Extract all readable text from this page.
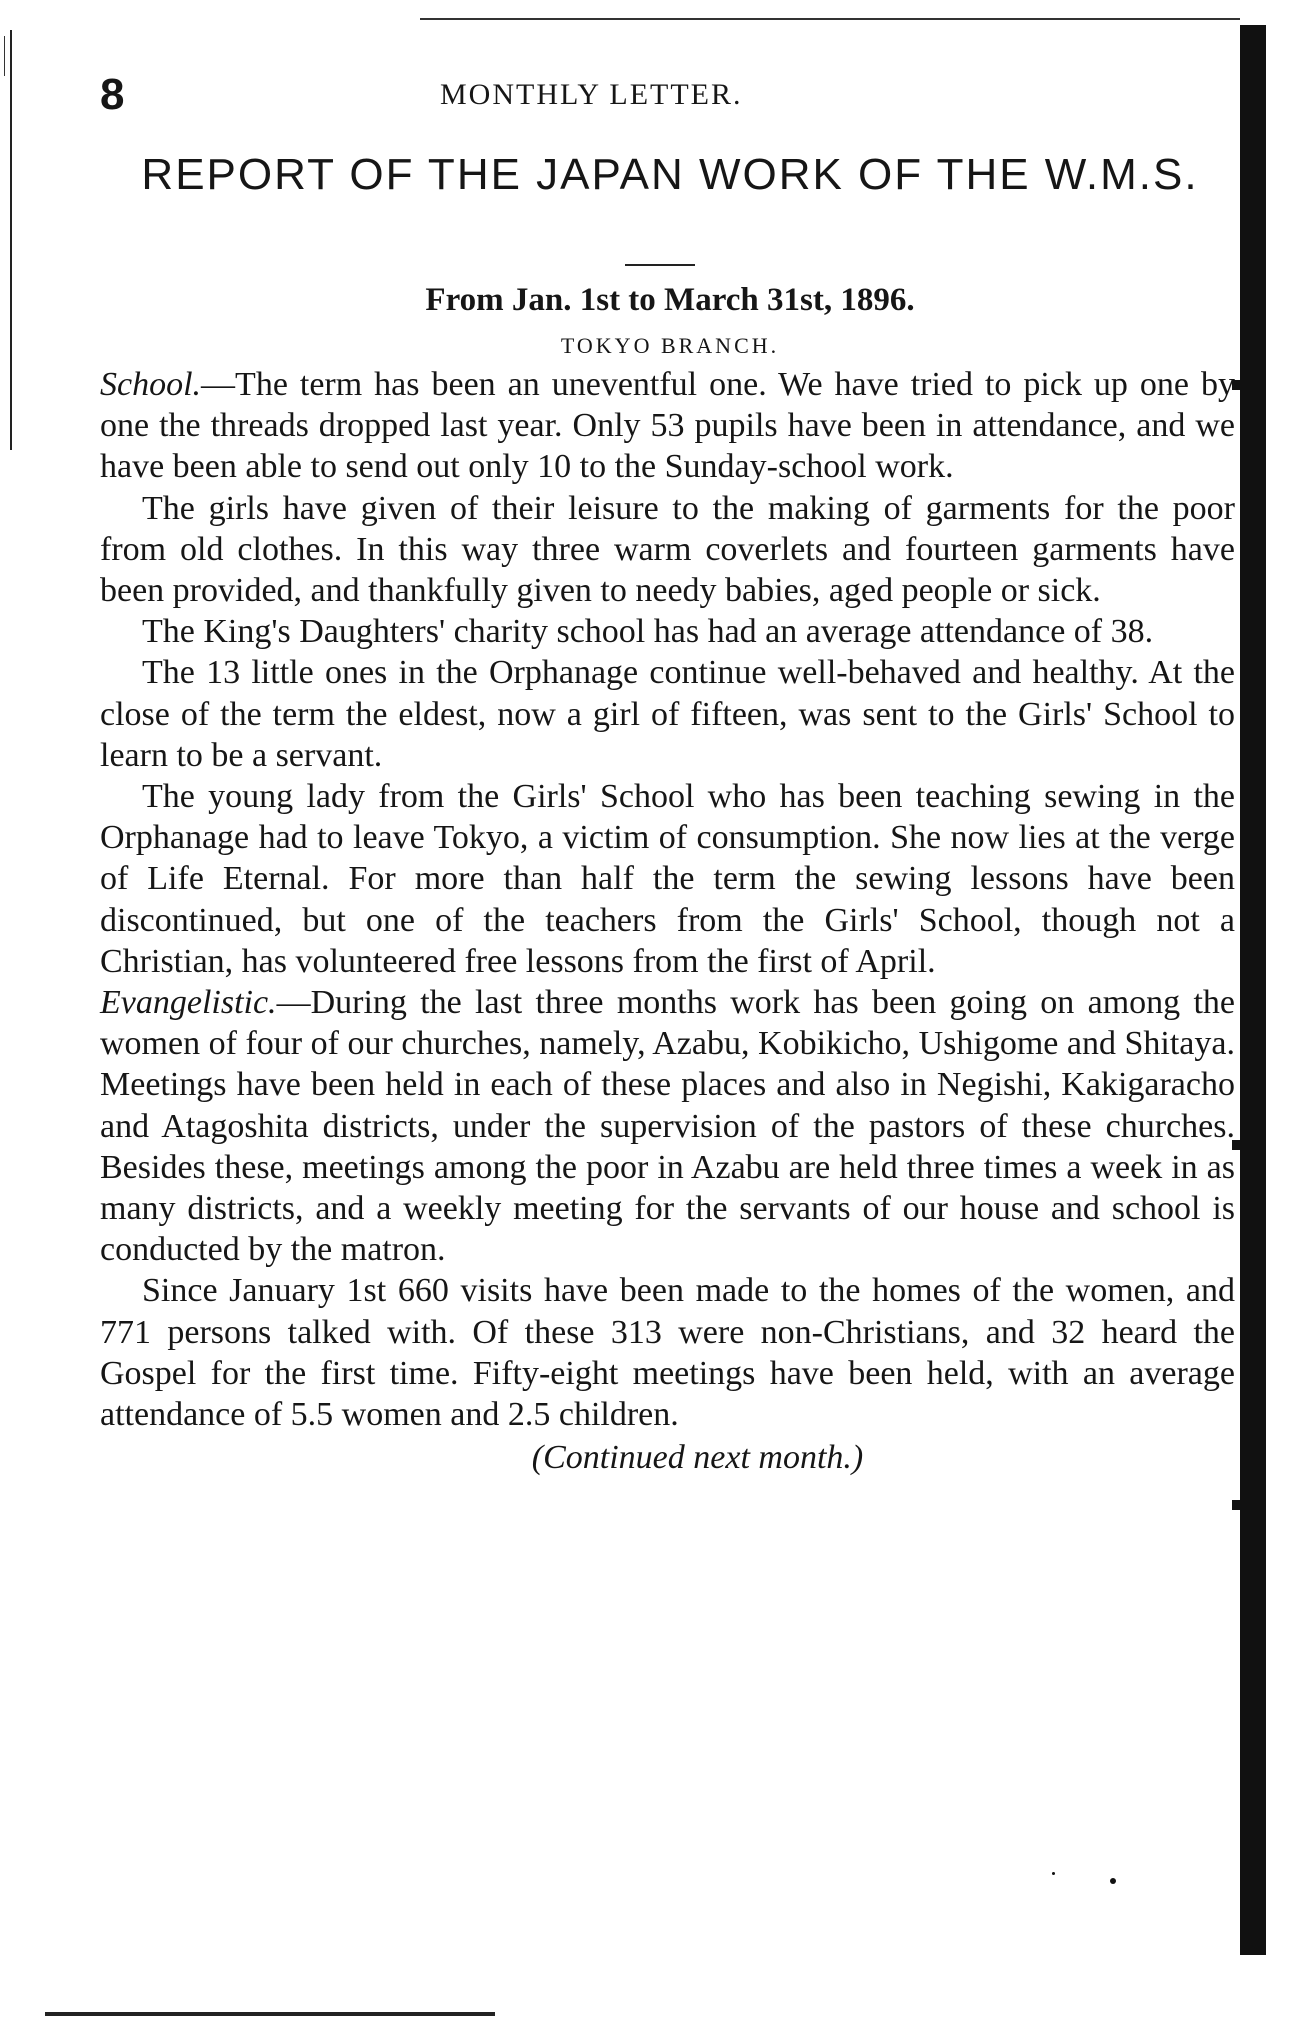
8	MONTHLY LETTER.
REPORT OF THE JAPAN WORK OF THE W.M.S.
From Jan. 1st to March 31st, 1896.
TOKYO BRANCH.

School.—The term has been an uneventful one. We have tried to pick up one by one the threads dropped last year. Only 53 pupils have been in attendance, and we have been able to send out only 10 to the Sunday-school work.

The girls have given of their leisure to the making of garments for the poor from old clothes. In this way three warm coverlets and fourteen garments have been provided, and thankfully given to needy babies, aged people or sick.

The King's Daughters' charity school has had an average attendance of 38.

The 13 little ones in the Orphanage continue well-behaved and healthy. At the close of the term the eldest, now a girl of fifteen, was sent to the Girls' School to learn to be a servant.

The young lady from the Girls' School who has been teaching sewing in the Orphanage had to leave Tokyo, a victim of consumption. She now lies at the verge of Life Eternal. For more than half the term the sewing lessons have been discontinued, but one of the teachers from the Girls' School, though not a Christian, has volunteered free lessons from the first of April.

Evangelistic.—During the last three months work has been going on among the women of four of our churches, namely, Azabu, Kobikicho, Ushigome and Shitaya. Meetings have been held in each of these places and also in Negishi, Kakigaracho and Atagoshita districts, under the supervision of the pastors of these churches. Besides these, meetings among the poor in Azabu are held three times a week in as many districts, and a weekly meeting for the servants of our house and school is conducted by the matron.

Since January 1st 660 visits have been made to the homes of the women, and 771 persons talked with. Of these 313 were non-Christians, and 32 heard the Gospel for the first time. Fifty-eight meetings have been held, with an average attendance of 5.5 women and 2.5 children.

(Continued next month.)
